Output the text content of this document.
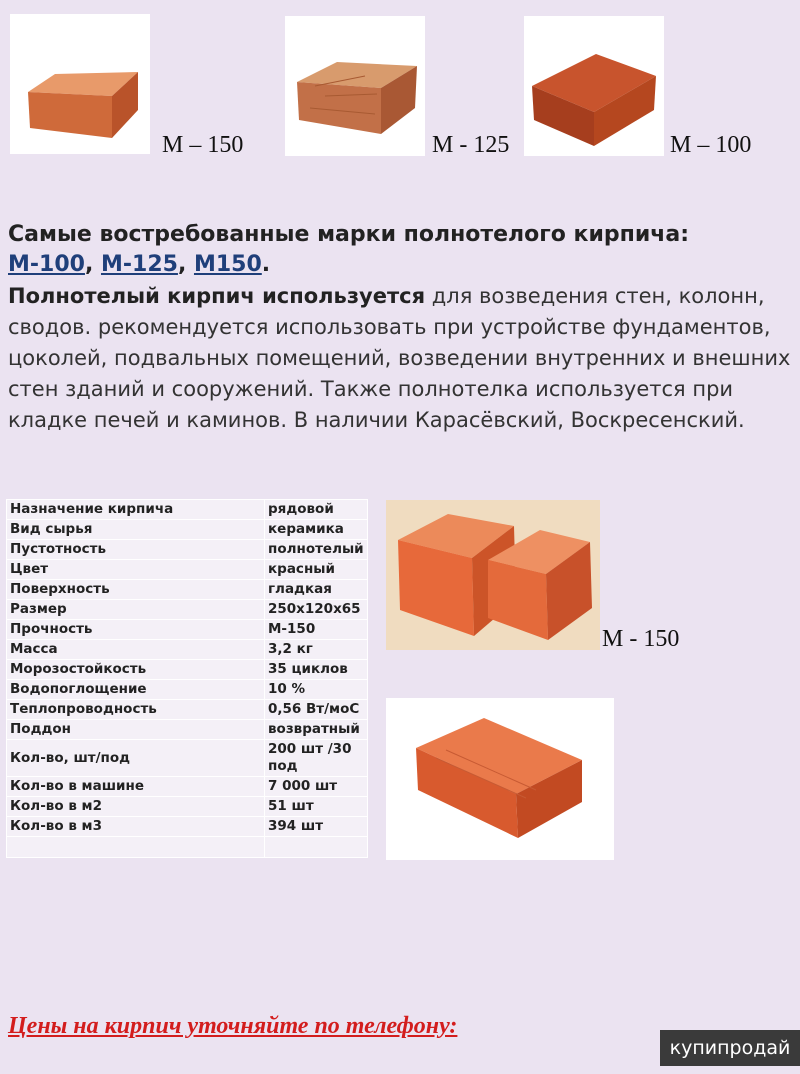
M – 150	M - 125	M – 100
Самые востребованные марки полнотелого кирпича: М-100, М-125, М150.
Полнотелый кирпич используется для возведения стен, колонн, сводов. рекомендуется использовать при устройстве фундаментов, цоколей, подвальных помещений, возведении внутренних и внешних стен зданий и сооружений. Также полнотелка используется при кладке печей и каминов. В наличии Карасёвский, Воскресенский.
Назначение кирпича	рядовой
Вид сырья	керамика
Пустотность	полнотелый
Цвет	красный
Поверхность	гладкая
Размер	250x120x65
Прочность	М-150
Масса	3,2 кг
Морозостойкость	35 циклов
Водопоглощение	10 %
Теплопроводность	0,56 Вт/моС
Поддон	возвратный
Кол-во, шт/под	200 шт /30 под
Кол-во в машине	7 000 шт
Кол-во в м2	51 шт
Кол-во в м3	394 шт

М - 150
Цены на кирпич уточняйте по телефону:
купипродай
